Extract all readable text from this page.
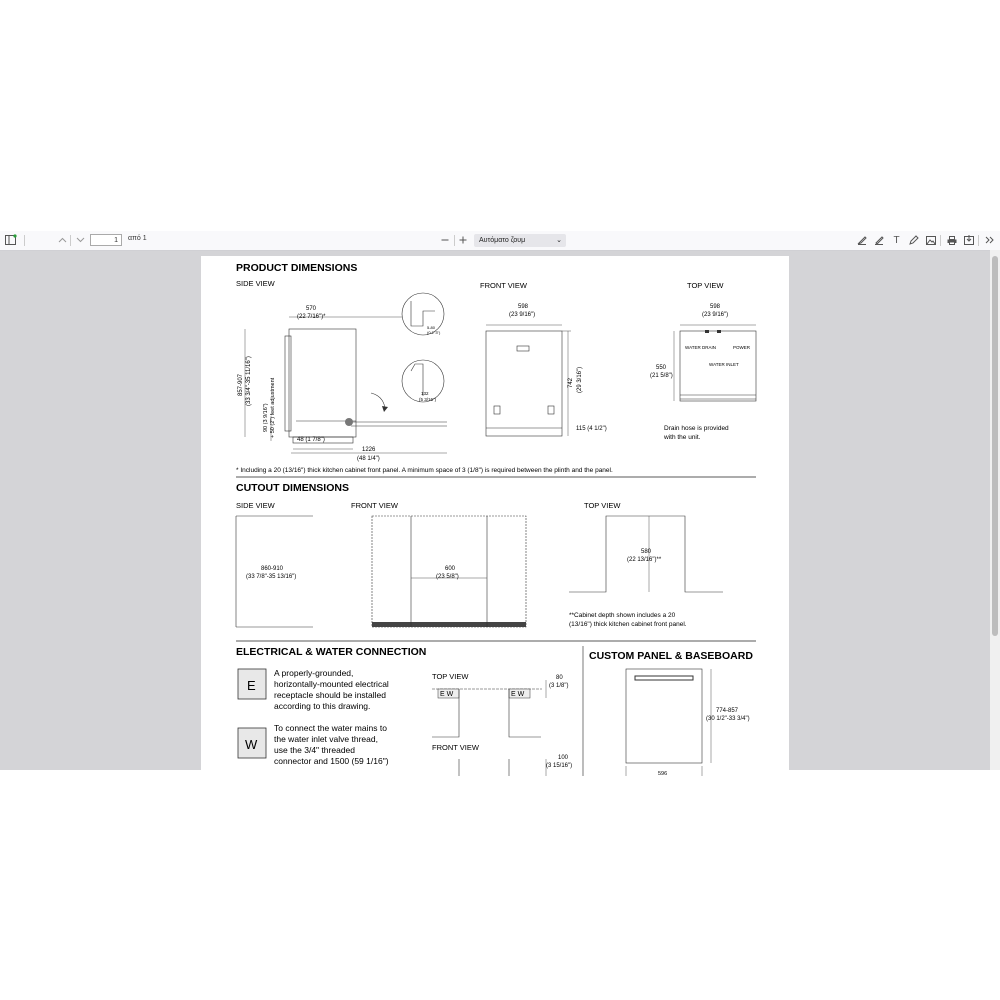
1	από 1	Αυτόματο ζουμ	⌄	T
PRODUCT DIMENSIONS
SIDE VIEW	FRONT VIEW	TOP VIEW
570
(22 7/16")*
5-80
(0.2"3")
132
(5 3/16")
857-907 (33 3/4"-35 11/16")
90 (3 9/16") + 50 (2") feet adjustment
48 (1 7/8")
1226
(48 1/4")
598
(23 9/16")
742 (29 3/16")
115 (4 1/2")
598
(23 9/16")
550
(21 5/8")
WATER DRAIN
WATER INLET
POWER
Drain hose is provided
with the unit.
* Including a 20 (13/16") thick kitchen cabinet front panel. A minimum space of 3 (1/8") is required between the plinth and the panel.
CUTOUT DIMENSIONS
SIDE VIEW	FRONT VIEW	TOP VIEW
860-910
(33 7/8"-35 13/16")
600
(23 5/8")
580
(22 13/16")**
**Cabinet depth shown includes a 20
(13/16") thick kitchen cabinet front panel.
ELECTRICAL & WATER CONNECTION
E
A properly-grounded,
horizontally-mounted electrical
receptacle should be installed
according to this drawing.
W
To connect the water mains to
the water inlet valve thread,
use the 3/4" threaded
connector and 1500 (59 1/16")
TOP VIEW
FRONT VIEW
E W	E W
80
(3 1/8")
100
(3 15/16")
CUSTOM PANEL & BASEBOARD
774-857
(30 1/2"-33 3/4")
596
